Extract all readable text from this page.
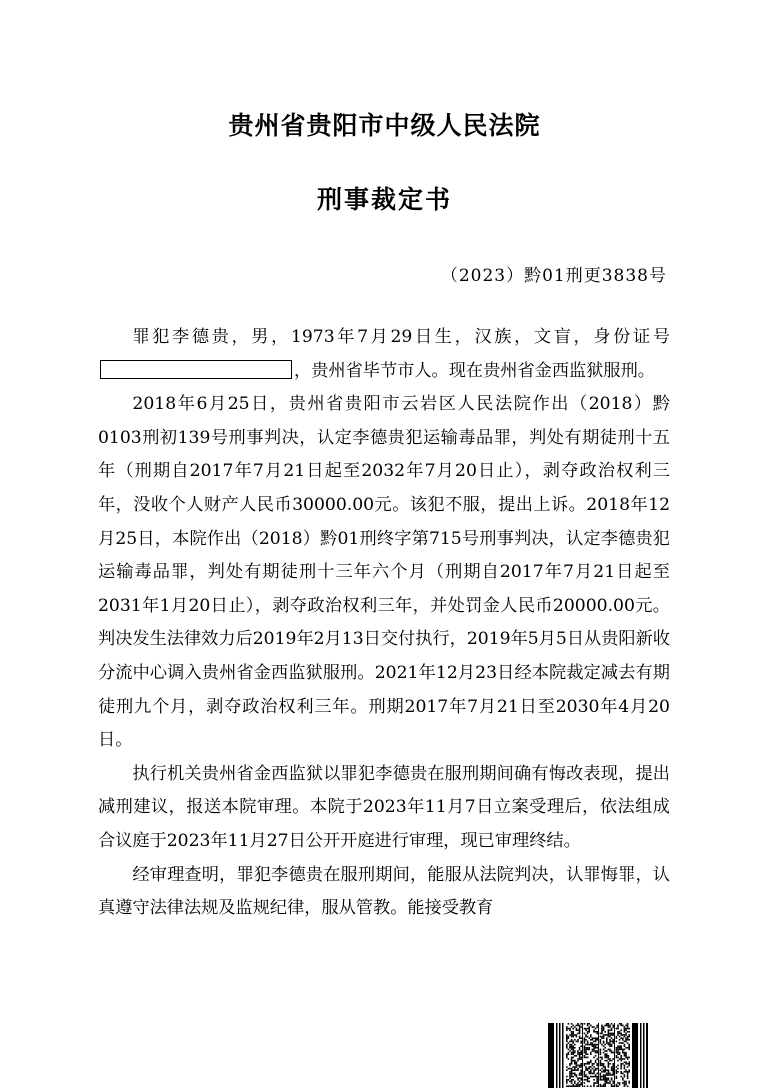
贵州省贵阳市中级人民法院
刑事裁定书
（2023）黔01刑更3838号

罪犯李德贵，男，1973年7月29日生，汉族，文盲，身份证号，贵州省毕节市人。现在贵州省金西监狱服刑。

2018年6月25日，贵州省贵阳市云岩区人民法院作出（2018）黔0103刑初139号刑事判决，认定李德贵犯运输毒品罪，判处有期徒刑十五年（刑期自2017年7月21日起至2032年7月20日止），剥夺政治权利三年，没收个人财产人民币30000.00元。该犯不服，提出上诉。2018年12月25日，本院作出（2018）黔01刑终字第715号刑事判决，认定李德贵犯运输毒品罪，判处有期徒刑十三年六个月（刑期自2017年7月21日起至2031年1月20日止），剥夺政治权利三年，并处罚金人民币20000.00元。判决发生法律效力后2019年2月13日交付执行，2019年5月5日从贵阳新收分流中心调入贵州省金西监狱服刑。2021年12月23日经本院裁定减去有期徒刑九个月，剥夺政治权利三年。刑期2017年7月21日至2030年4月20日。

执行机关贵州省金西监狱以罪犯李德贵在服刑期间确有悔改表现，提出减刑建议，报送本院审理。本院于2023年11月7日立案受理后，依法组成合议庭于2023年11月27日公开开庭进行审理，现已审理终结。

经审理查明，罪犯李德贵在服刑期间，能服从法院判决，认罪悔罪，认真遵守法律法规及监规纪律，服从管教。能接受教育
